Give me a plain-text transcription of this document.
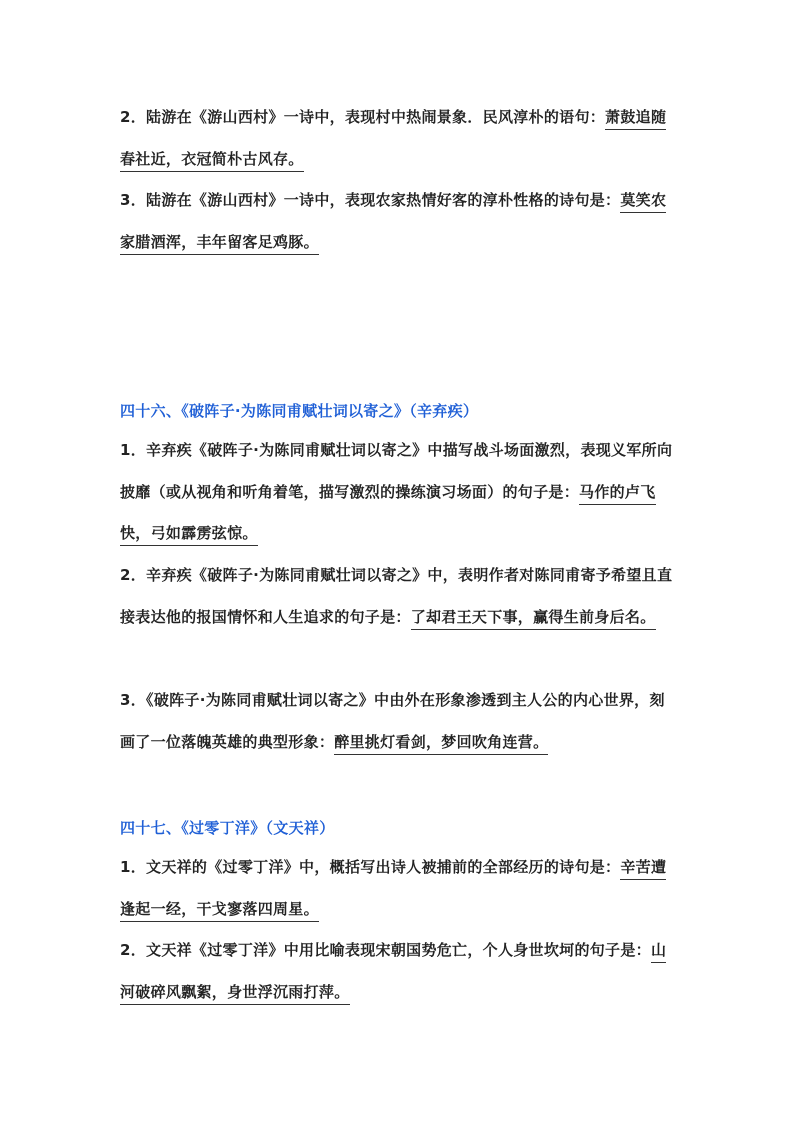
2．陆游在《游山西村》一诗中，表现村中热闹景象．民风淳朴的语句：萧鼓追随春社近，衣冠简朴古风存。

3．陆游在《游山西村》一诗中，表现农家热情好客的淳朴性格的诗句是：莫笑农家腊酒浑，丰年留客足鸡豚。

四十六、《破阵子·为陈同甫赋壮词以寄之》（辛弃疾）

1．辛弃疾《破阵子·为陈同甫赋壮词以寄之》中描写战斗场面激烈，表现义军所向披靡（或从视角和听角着笔，描写激烈的操练演习场面）的句子是：马作的卢飞快，弓如霹雳弦惊。

2．辛弃疾《破阵子·为陈同甫赋壮词以寄之》中，表明作者对陈同甫寄予希望且直接表达他的报国情怀和人生追求的句子是：了却君王天下事，赢得生前身后名。

3．《破阵子·为陈同甫赋壮词以寄之》中由外在形象渗透到主人公的内心世界，刻画了一位落魄英雄的典型形象：醉里挑灯看剑，梦回吹角连营。

四十七、《过零丁洋》（文天祥）

1．文天祥的《过零丁洋》中，概括写出诗人被捕前的全部经历的诗句是：辛苦遭逢起一经，干戈寥落四周星。

2．文天祥《过零丁洋》中用比喻表现宋朝国势危亡，个人身世坎坷的句子是：山河破碎风飘絮，身世浮沉雨打萍。
